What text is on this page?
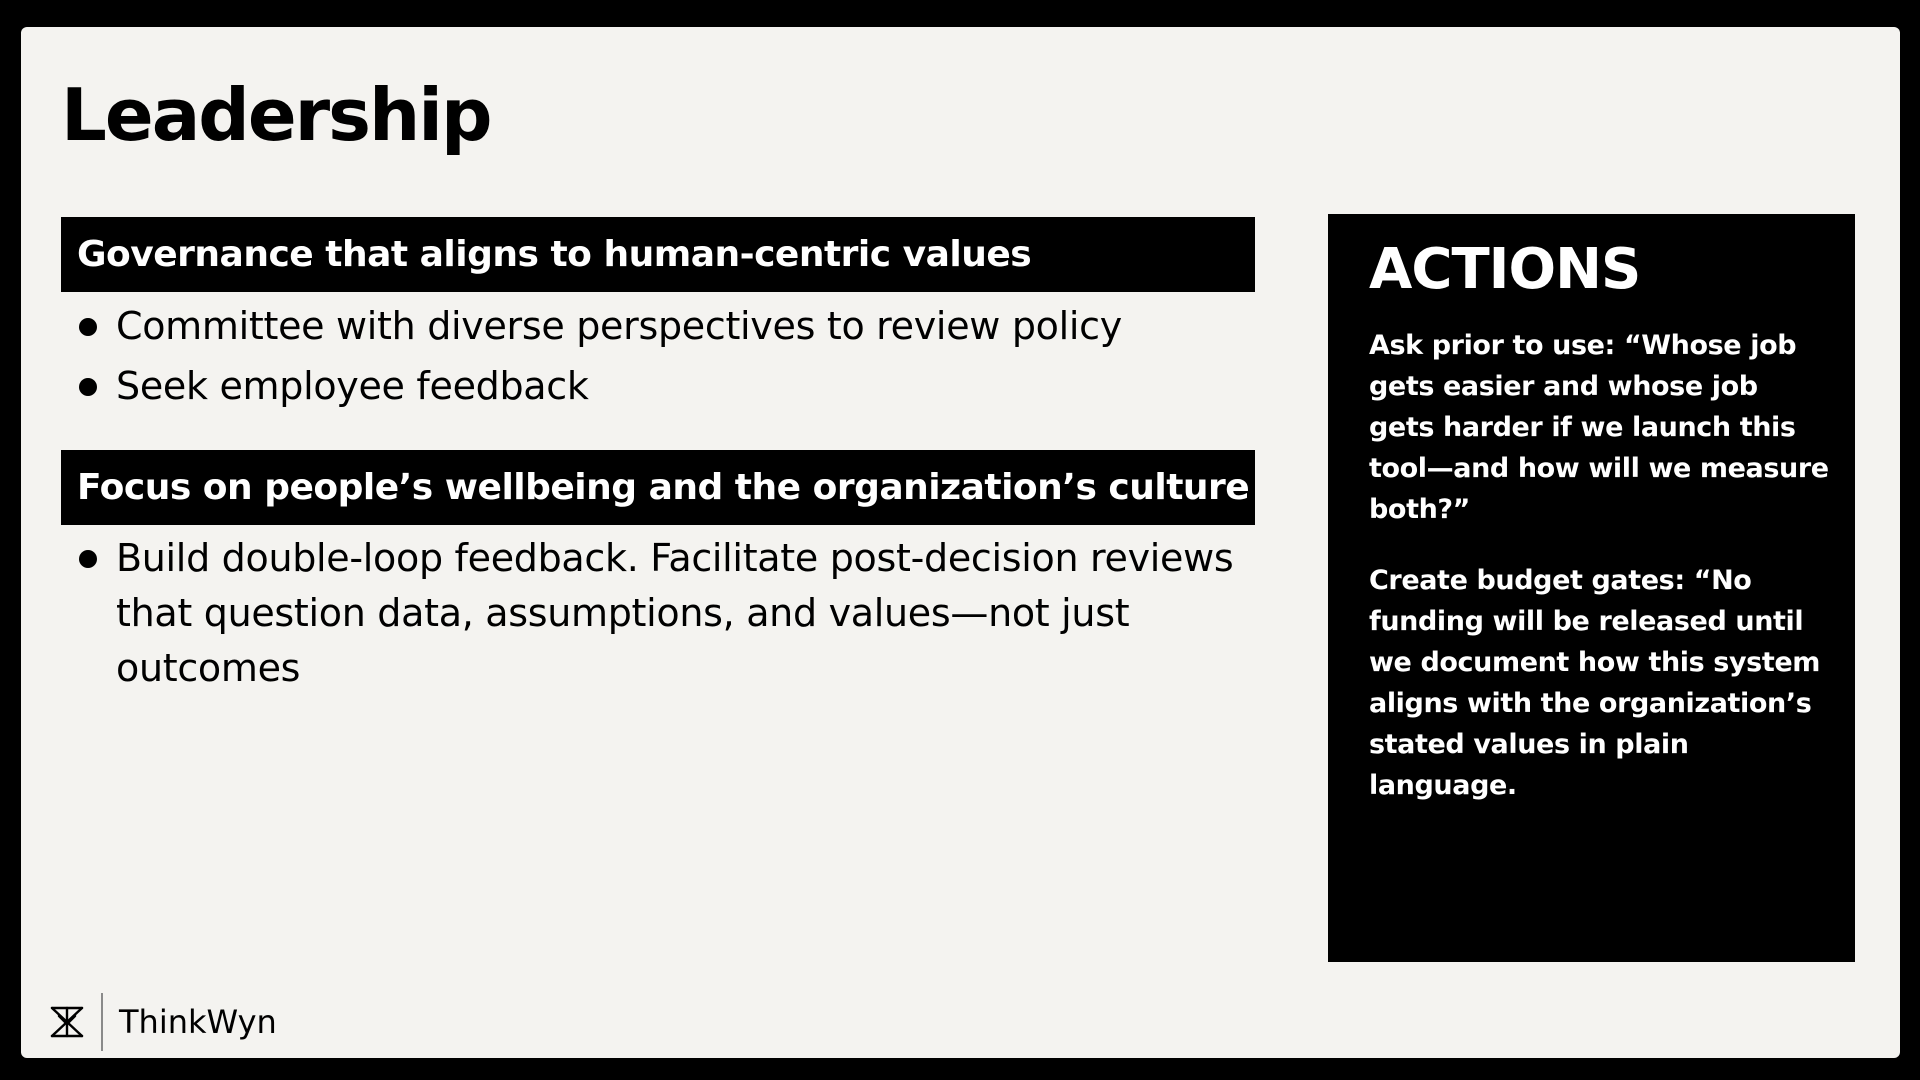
Leadership
Governance that aligns to human-centric values
Committee with diverse perspectives to review policy
Seek employee feedback
Focus on people’s wellbeing and the organization’s culture
Build double-loop feedback. Facilitate post-decision reviews that question data, assumptions, and values—not just outcomes
ACTIONS

Ask prior to use: “Whose job gets easier and whose job gets harder if we launch this tool—and how will we measure both?”

Create budget gates: “No funding will be released until we document how this system aligns with the organization’s stated values in plain language.

ThinkWyn
